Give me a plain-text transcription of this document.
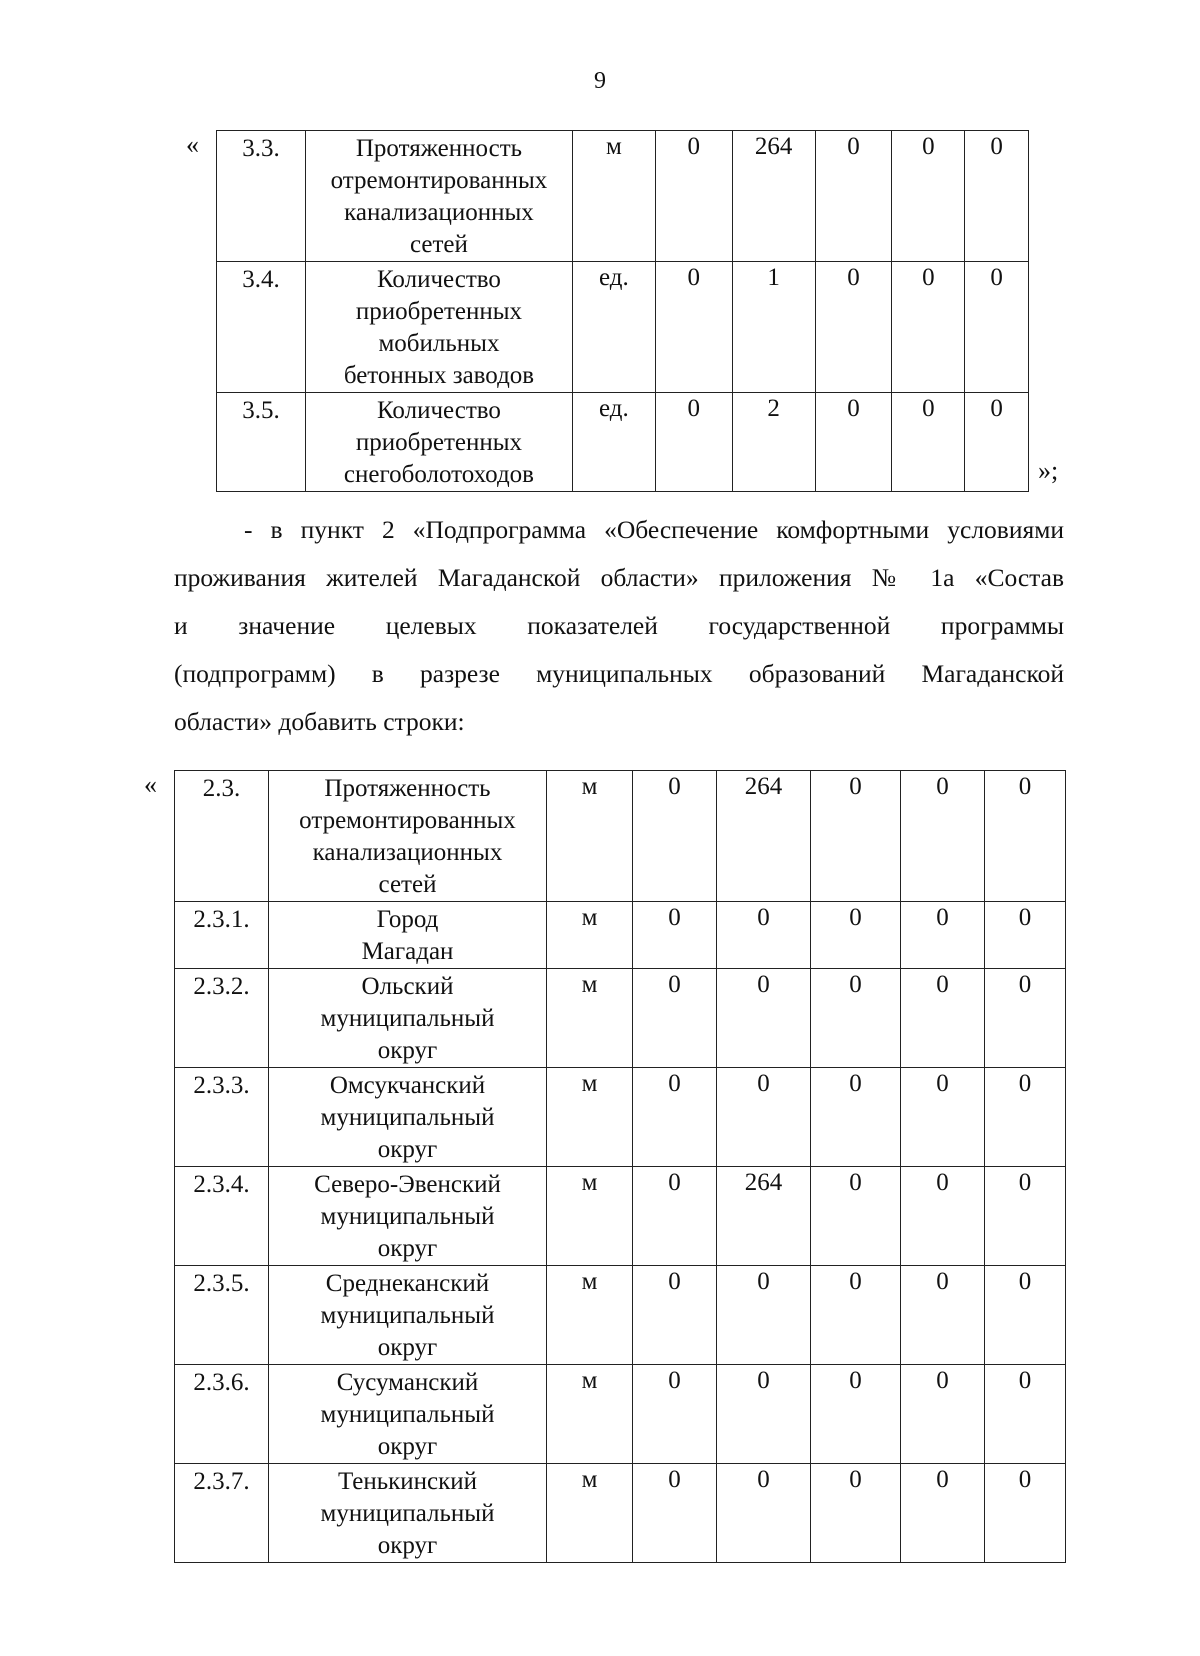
9
« 3.3.	Протяженность
отремонтированных
канализационных
сетей	м	0	264	0	0	0
3.4.	Количество
приобретенных
мобильных
бетонных заводов	ед.	0	1	0	0	0
3.5.	Количество
приобретенных
снегоболотоходов	ед.	0	2	0	0	0
»;
- в пункт 2 «Подпрограмма «Обеспечение комфортными условиями
проживания жителей Магаданской области» приложения № 1а «Состав
и значение целевых показателей государственной программы
(подпрограмм) в разрезе муниципальных образований Магаданской
области» добавить строки:
« 2.3.	Протяженность
отремонтированных
канализационных
сетей	м	0	264	0	0	0
2.3.1.	Город
Магадан	м	0	0	0	0	0
2.3.2.	Ольский
муниципальный
округ	м	0	0	0	0	0
2.3.3.	Омсукчанский
муниципальный
округ	м	0	0	0	0	0
2.3.4.	Северо-Эвенский
муниципальный
округ	м	0	264	0	0	0
2.3.5.	Среднеканский
муниципальный
округ	м	0	0	0	0	0
2.3.6.	Сусуманский
муниципальный
округ	м	0	0	0	0	0
2.3.7.	Тенькинский
муниципальный
округ	м	0	0	0	0	0
